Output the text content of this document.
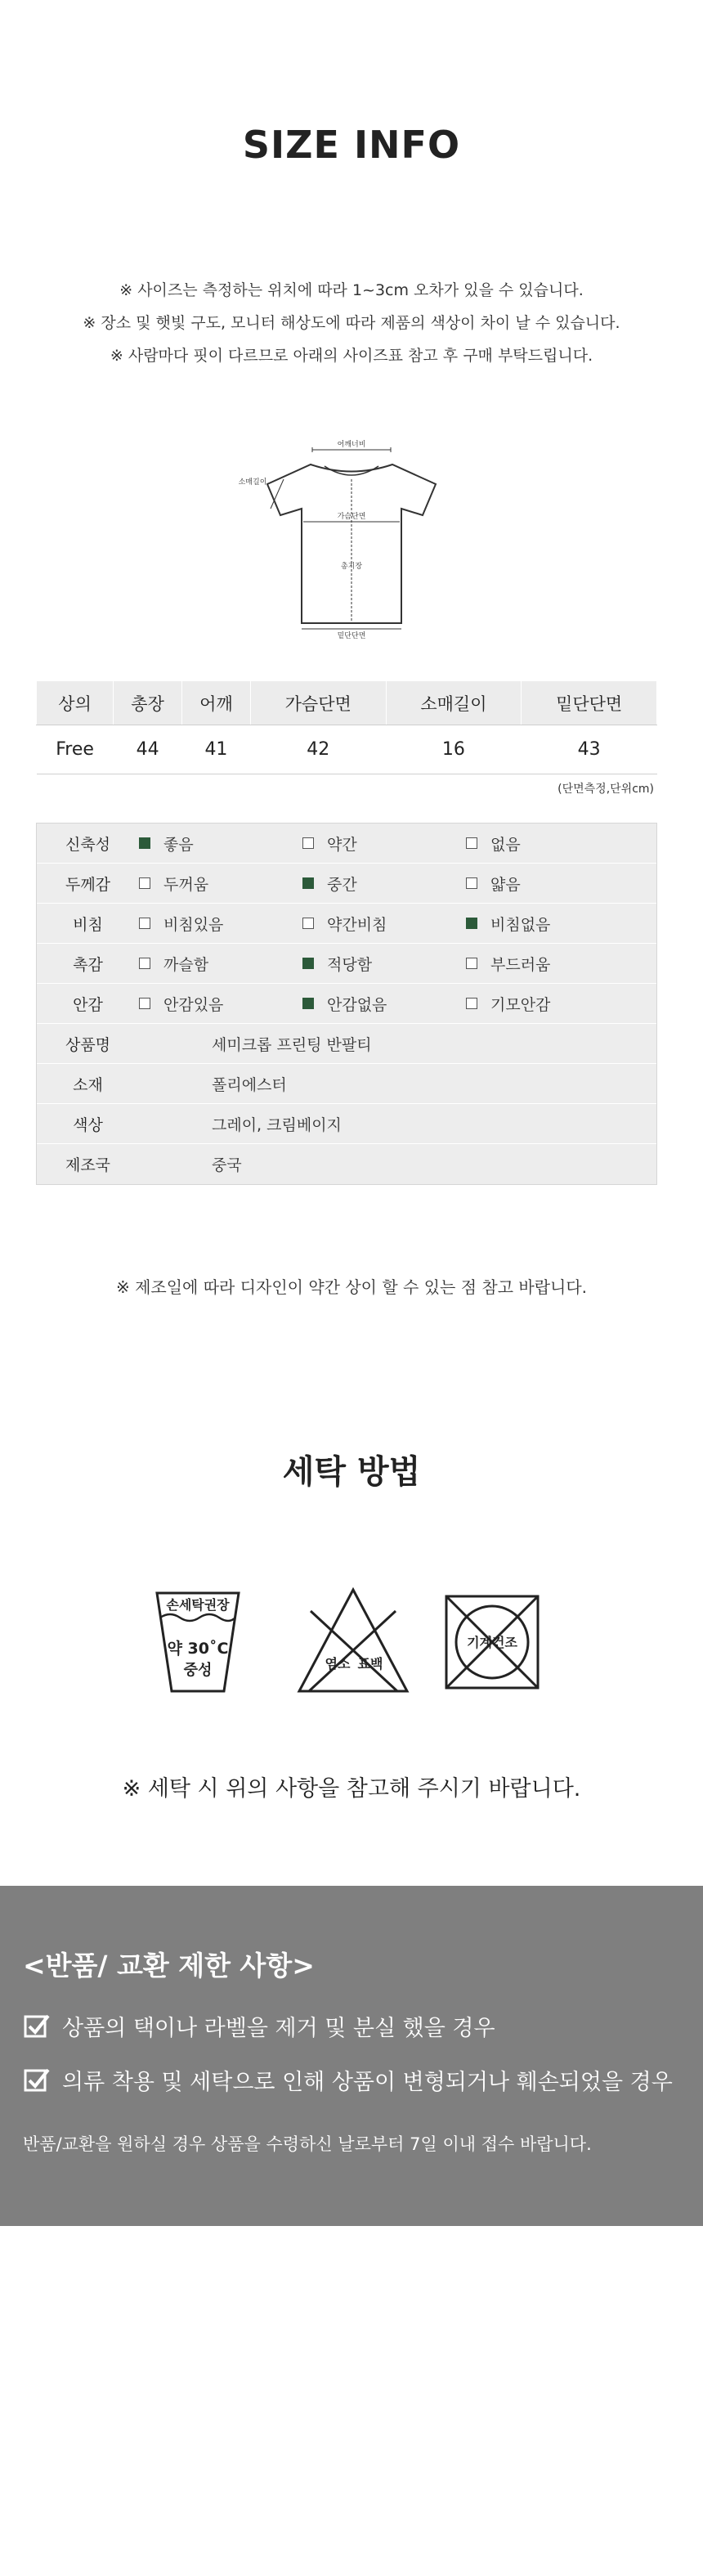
SIZE INFO

※ 사이즈는 측정하는 위치에 따라 1~3cm 오차가 있을 수 있습니다.

※ 장소 및 햇빛 구도, 모니터 해상도에 따라 제품의 색상이 차이 날 수 있습니다.

※ 사람마다 핏이 다르므로 아래의 사이즈표 참고 후 구매 부탁드립니다.

어깨너비
소매길이
가슴단면
총기장
밑단단면
상의	총장	어깨	가슴단면	소매길이	밑단단면
Free	44	41	42	16	43
(단면측정,단위cm)
신축성	좋음	약간	없음
두께감	두꺼움	중간	얇음
비침	비침있음	약간비침	비침없음
촉감	까슬함	적당함	부드러움
안감	안감있음	안감없음	기모안감
상품명	세미크롭 프린팅 반팔티
소재	폴리에스터
색상	그레이, 크림베이지
제조국	중국
※ 제조일에 따라 디자인이 약간 상이 할 수 있는 점 참고 바랍니다.
세탁 방법
손세탁권장
약 30˚C
중성	염소 표백
기계건조
※ 세탁 시 위의 사항을 참고해 주시기 바랍니다.
<반품/ 교환 제한 사항>
상품의 택이나 라벨을 제거 및 분실 했을 경우
의류 착용 및 세탁으로 인해 상품이 변형되거나 훼손되었을 경우
반품/교환을 원하실 경우 상품을 수령하신 날로부터 7일 이내 접수 바랍니다.
